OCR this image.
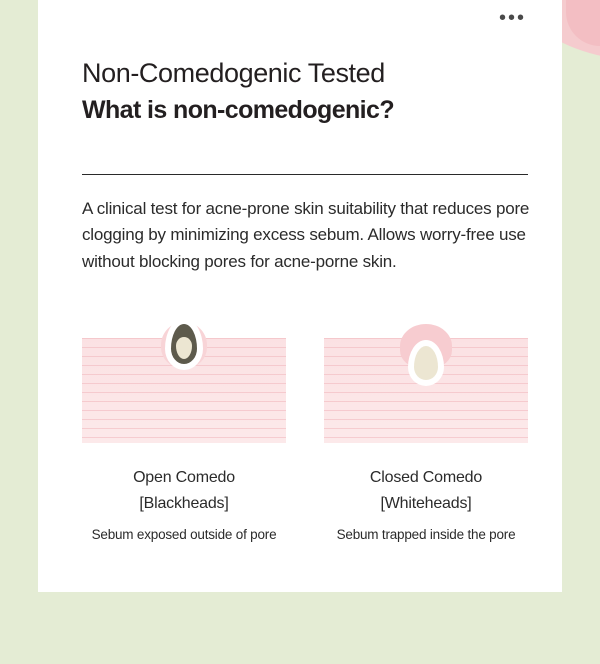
•••
Non-Comedogenic Tested
What is non-comedogenic?
A clinical test for acne-prone skin suitability that reduces pore clogging by minimizing excess sebum. Allows worry-free use without blocking pores for acne-porne skin.
Open Comedo
[Blackheads]
Sebum exposed outside of pore
Closed Comedo
[Whiteheads]
Sebum trapped inside the pore
